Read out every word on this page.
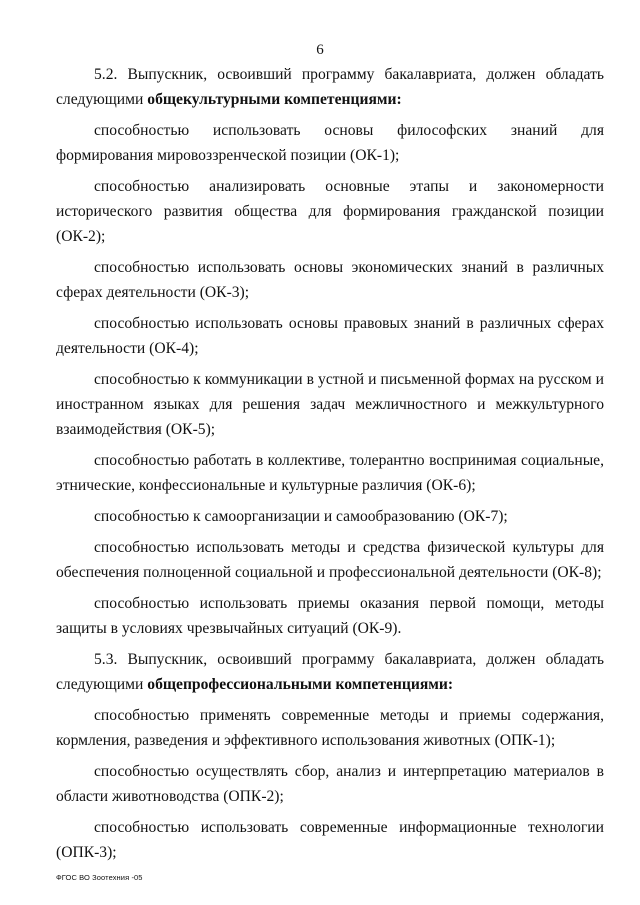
6

5.2. Выпускник, освоивший программу бакалавриата, должен обладать следующими общекультурными компетенциями:

способностью использовать основы философских знаний для формирования мировоззренческой позиции (ОК-1);

способностью анализировать основные этапы и закономерности исторического развития общества для формирования гражданской позиции (ОК-2);

способностью использовать основы экономических знаний в различных сферах деятельности (ОК-3);

способностью использовать основы правовых знаний в различных сферах деятельности (ОК-4);

способностью к коммуникации в устной и письменной формах на русском и иностранном языках для решения задач межличностного и межкультурного взаимодействия (ОК-5);

способностью работать в коллективе, толерантно воспринимая социальные, этнические, конфессиональные и культурные различия (ОК-6);

способностью к самоорганизации и самообразованию (ОК-7);

способностью использовать методы и средства физической культуры для обеспечения полноценной социальной и профессиональной деятельности (ОК-8);

способностью использовать приемы оказания первой помощи, методы защиты в условиях чрезвычайных ситуаций (ОК-9).

5.3. Выпускник, освоивший программу бакалавриата, должен обладать следующими общепрофессиональными компетенциями:

способностью применять современные методы и приемы содержания, кормления, разведения и эффективного использования животных (ОПК-1);

способностью осуществлять сбор, анализ и интерпретацию материалов в области животноводства (ОПК-2);

способностью использовать современные информационные технологии (ОПК-3);

ФГОС ВО Зоотехния -05
